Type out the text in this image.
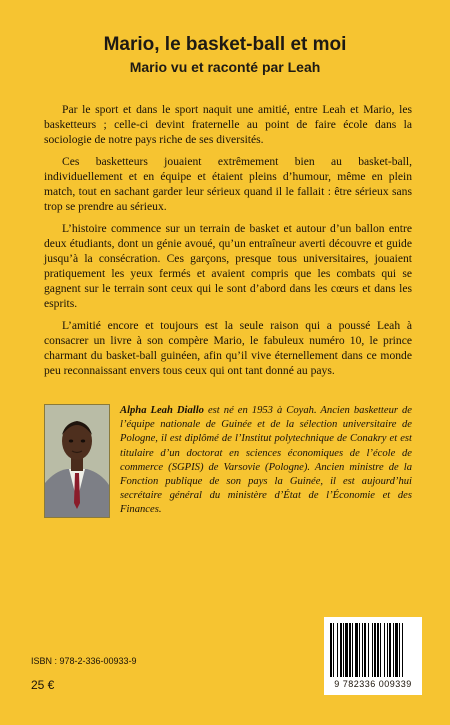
Mario, le basket-ball et moi
Mario vu et raconté par Leah

Par le sport et dans le sport naquit une amitié, entre Leah et Mario, les basketteurs ; celle-ci devint fraternelle au point de faire école dans la sociologie de notre pays riche de ses diversités.

Ces basketteurs jouaient extrêmement bien au basket-ball, individuellement et en équipe et étaient pleins d’humour, même en plein match, tout en sachant garder leur sérieux quand il le fallait : être sérieux sans trop se prendre au sérieux.

L’histoire commence sur un terrain de basket et autour d’un ballon entre deux étudiants, dont un génie avoué, qu’un entraîneur averti découvre et guide jusqu’à la consécration. Ces garçons, presque tous universitaires, jouaient pratiquement les yeux fermés et avaient compris que les combats qui se gagnent sur le terrain sont ceux qui le sont d’abord dans les cœurs et dans les esprits.

L’amitié encore et toujours est la seule raison qui a poussé Leah à consacrer un livre à son compère Mario, le fabuleux numéro 10, le prince charmant du basket-ball guinéen, afin qu’il vive éternellement dans ce monde peu reconnaissant envers tous ceux qui ont tant donné au pays.

Alpha Leah Diallo est né en 1953 à Coyah. Ancien basketteur de l’équipe nationale de Guinée et de la sélection universitaire de Pologne, il est diplômé de l’Institut polytechnique de Conakry et est titulaire d’un doctorat en sciences économiques de l’école de commerce (SGPIS) de Varsovie (Pologne). Ancien ministre de la Fonction publique de son pays la Guinée, il est aujourd’hui secrétaire général du ministère d’État de l’Économie et des Finances.
ISBN : 978-2-336-00933-9
25 €	9 782336 009339
